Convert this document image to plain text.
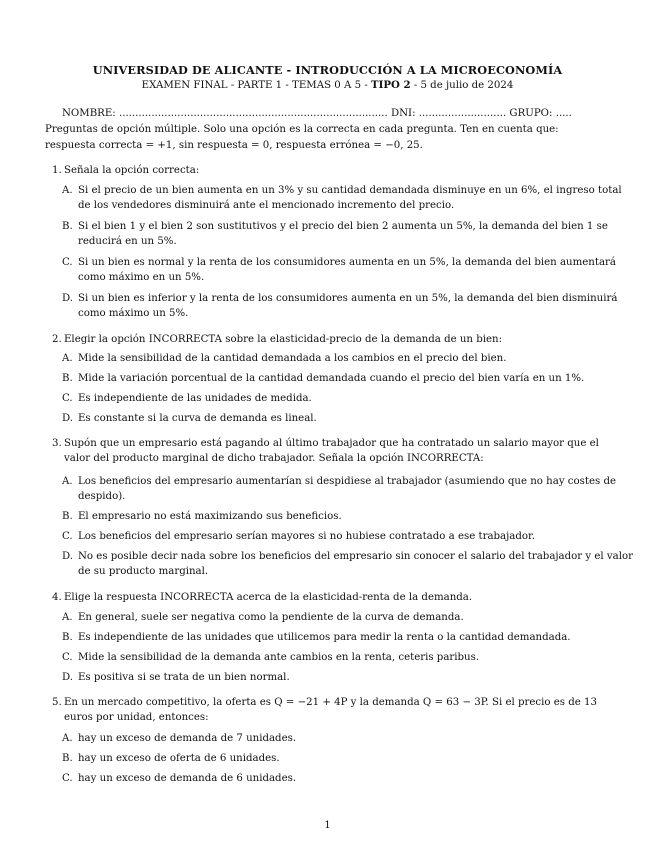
UNIVERSIDAD DE ALICANTE - INTRODUCCIÓN A LA MICROECONOMÍA
EXAMEN FINAL - PARTE 1 - TEMAS 0 A 5 - TIPO 2 - 5 de julio de 2024
NOMBRE: ................................................................................... DNI: ........................... GRUPO: .....
Preguntas de opción múltiple. Solo una opción es la correcta en cada pregunta. Ten en cuenta que: respuesta correcta = +1, sin respuesta = 0, respuesta errónea = −0, 25.
1. Señala la opción correcta:
A. Si el precio de un bien aumenta en un 3% y su cantidad demandada disminuye en un 6%, el ingreso total
de los vendedores disminuirá ante el mencionado incremento del precio.
B. Si el bien 1 y el bien 2 son sustitutivos y el precio del bien 2 aumenta un 5%, la demanda del bien 1 se
reducirá en un 5%.
C. Si un bien es normal y la renta de los consumidores aumenta en un 5%, la demanda del bien aumentará
como máximo en un 5%.
D. Si un bien es inferior y la renta de los consumidores aumenta en un 5%, la demanda del bien disminuirá
como máximo un 5%.
2. Elegir la opción INCORRECTA sobre la elasticidad-precio de la demanda de un bien:
A. Mide la sensibilidad de la cantidad demandada a los cambios en el precio del bien.
B. Mide la variación porcentual de la cantidad demandada cuando el precio del bien varía en un 1%.
C. Es independiente de las unidades de medida.
D. Es constante si la curva de demanda es lineal.
3. Supón que un empresario está pagando al último trabajador que ha contratado un salario mayor que el
valor del producto marginal de dicho trabajador. Señala la opción INCORRECTA:
A. Los beneficios del empresario aumentarían si despidiese al trabajador (asumiendo que no hay costes de
despido).
B. El empresario no está maximizando sus beneficios.
C. Los beneficios del empresario serían mayores si no hubiese contratado a ese trabajador.
D. No es posible decir nada sobre los beneficios del empresario sin conocer el salario del trabajador y el valor
de su producto marginal.
4. Elige la respuesta INCORRECTA acerca de la elasticidad-renta de la demanda.
A. En general, suele ser negativa como la pendiente de la curva de demanda.
B. Es independiente de las unidades que utilicemos para medir la renta o la cantidad demandada.
C. Mide la sensibilidad de la demanda ante cambios en la renta, ceteris paribus.
D. Es positiva si se trata de un bien normal.
5. En un mercado competitivo, la oferta es Q = −21 + 4P y la demanda Q = 63 − 3P. Si el precio es de 13
euros por unidad, entonces:
A. hay un exceso de demanda de 7 unidades.
B. hay un exceso de oferta de 6 unidades.
C. hay un exceso de demanda de 6 unidades.
1
